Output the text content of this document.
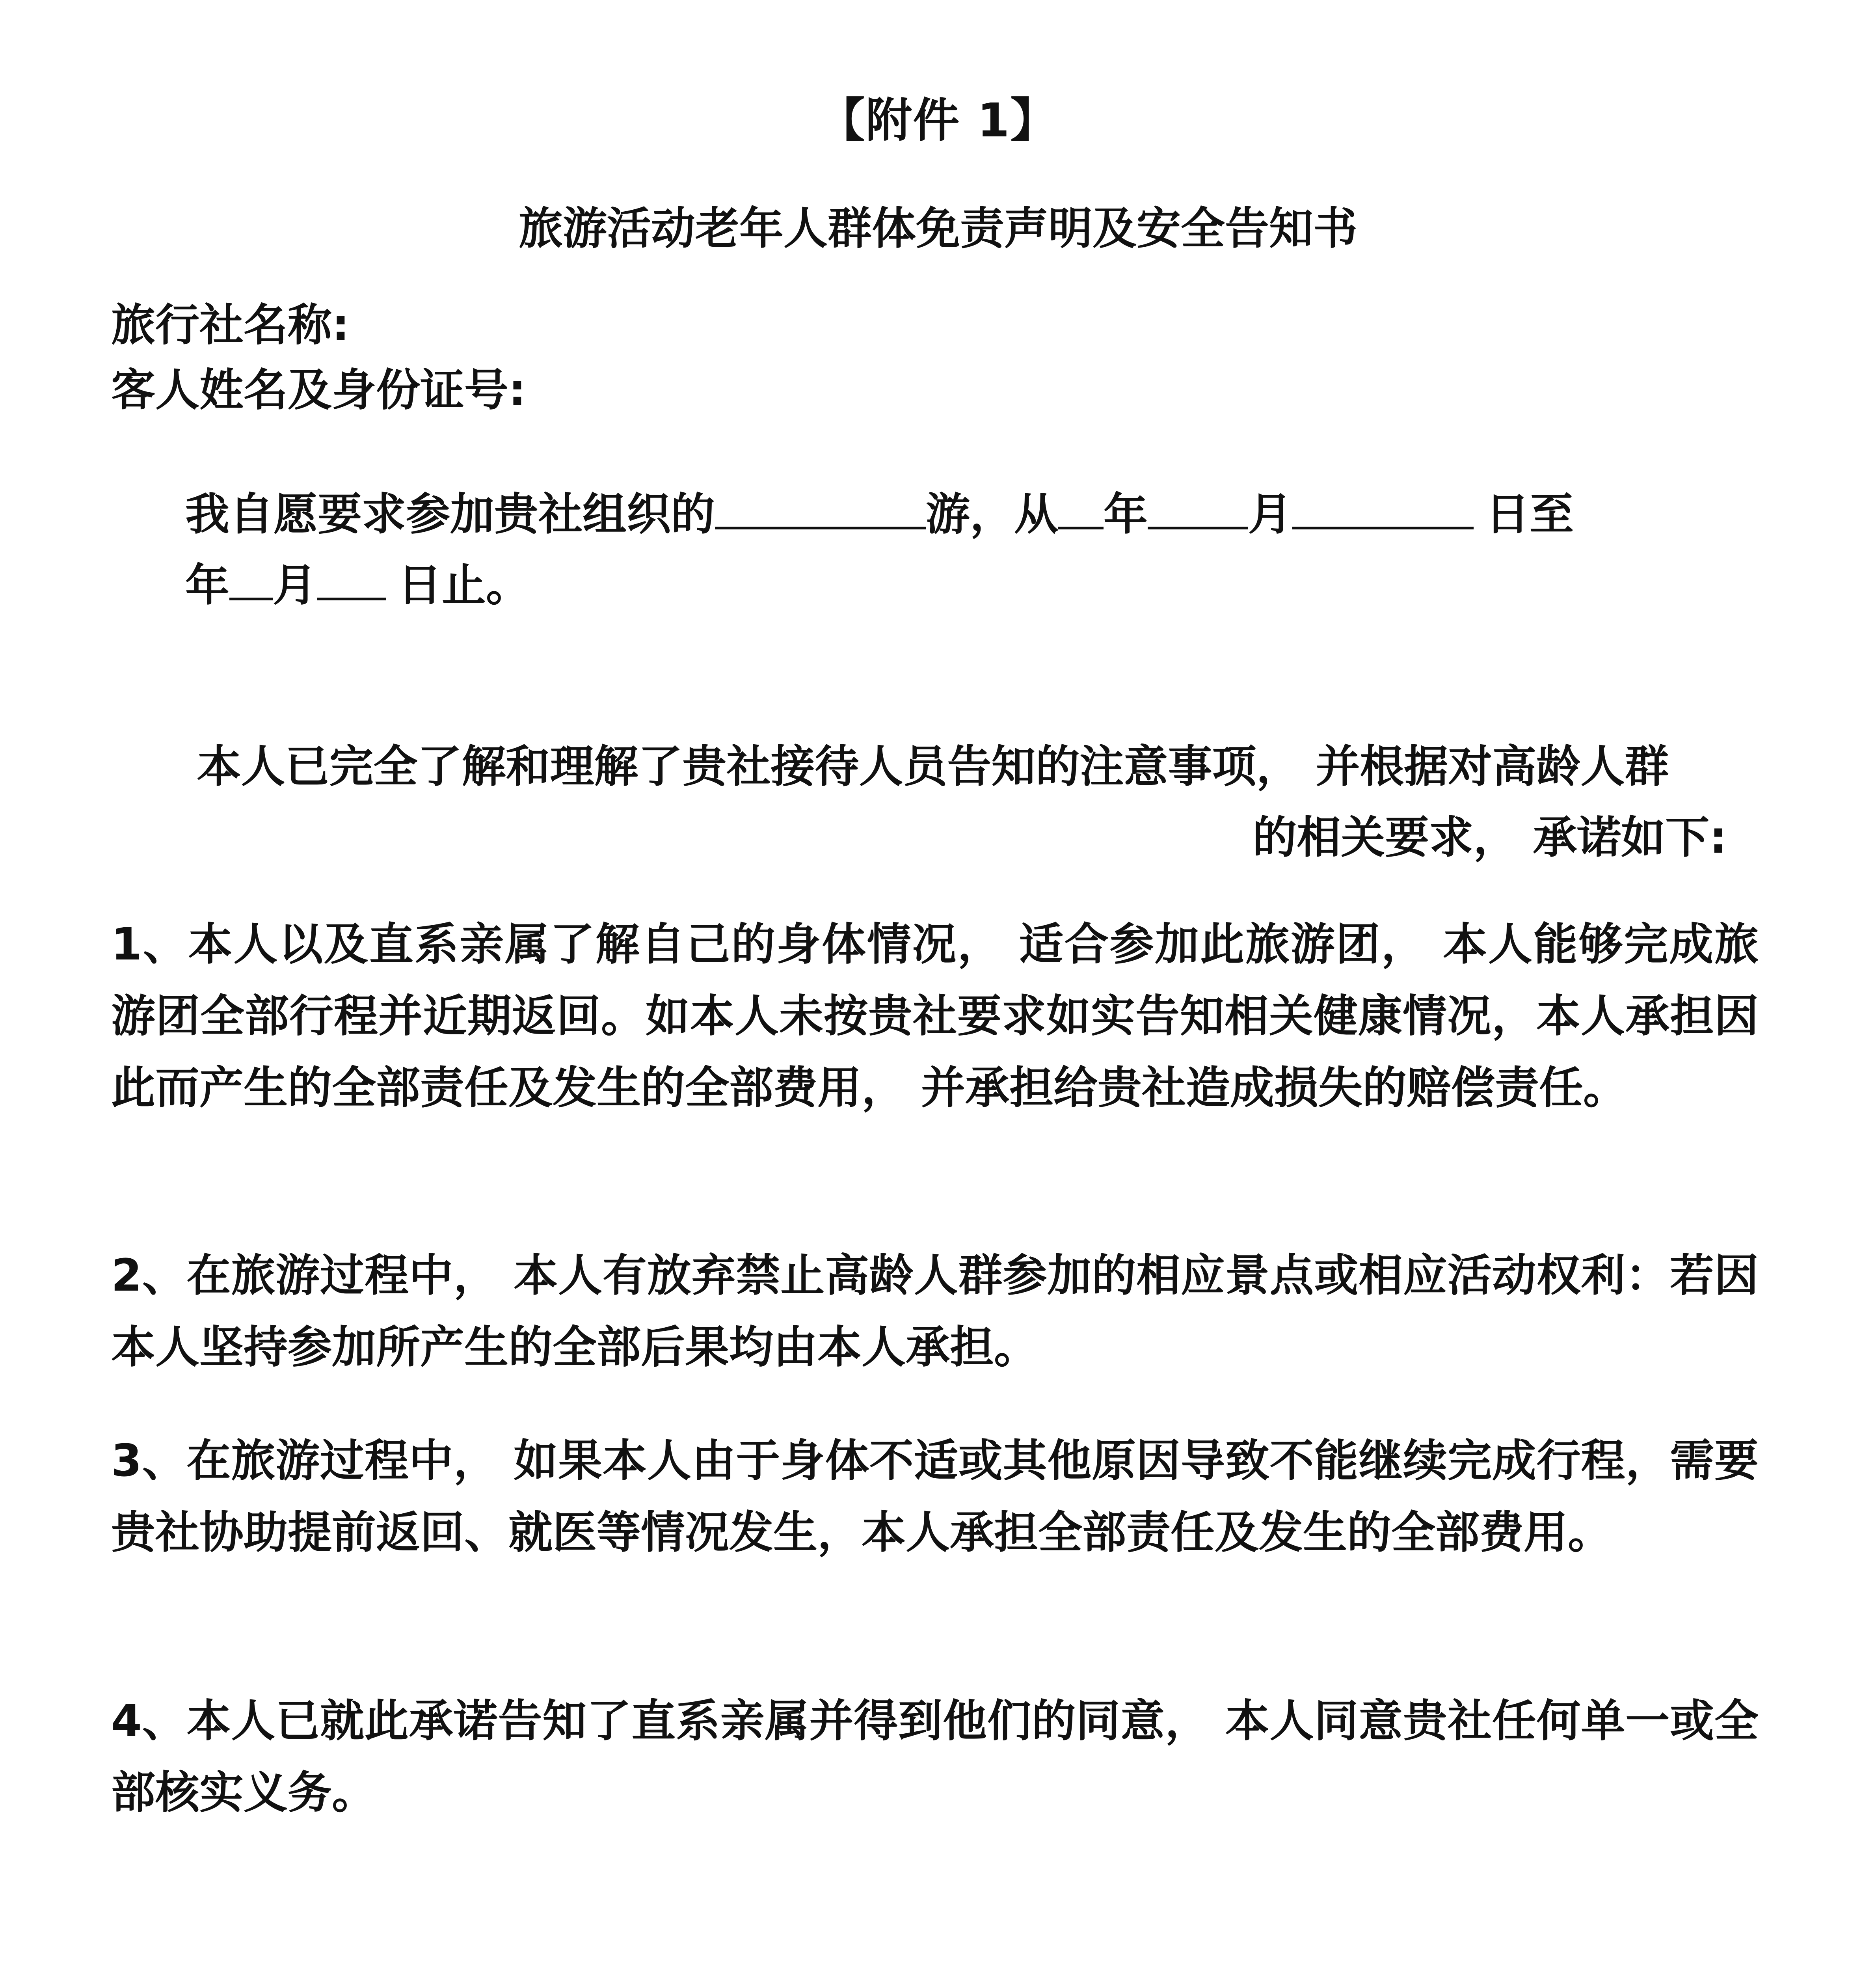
【附件 1】
旅游活动老年人群体免责声明及安全告知书
旅行社名称:
客人姓名及身份证号:
我自愿要求参加贵社组织的	游，从 年 月	日至
年 月 日止。
本人已完全了解和理解了贵社接待人员告知的注意事项， 并根据对高龄人群
的相关要求， 承诺如下:
1、本人以及直系亲属了解自己的身体情况， 适合参加此旅游团， 本人能够完成旅游团全部行程并近期返回。如本人未按贵社要求如实告知相关健康情况，本人承担因此而产生的全部责任及发生的全部费用， 并承担给贵社造成损失的赔偿责任。
2、在旅游过程中， 本人有放弃禁止高龄人群参加的相应景点或相应活动权利：若因本人坚持参加所产生的全部后果均由本人承担。
3、在旅游过程中， 如果本人由于身体不适或其他原因导致不能继续完成行程，需要贵社协助提前返回、就医等情况发生，本人承担全部责任及发生的全部费用。
4、本人已就此承诺告知了直系亲属并得到他们的同意， 本人同意贵社任何单一或全部核实义务。
